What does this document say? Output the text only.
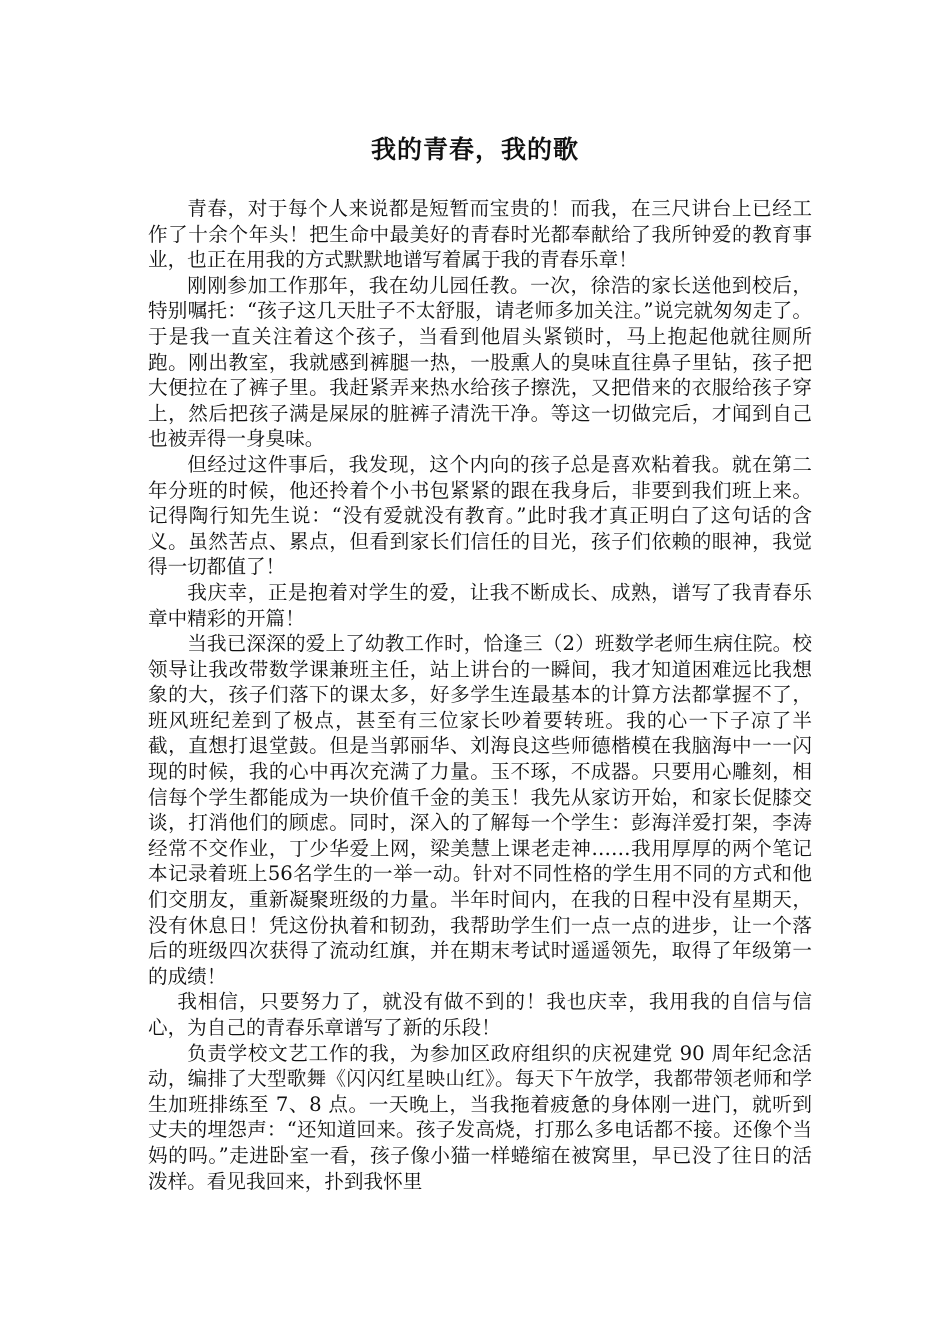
我的青春，我的歌

青春，对于每个人来说都是短暂而宝贵的！而我，在三尺讲台上已经工作了十余个年头！把生命中最美好的青春时光都奉献给了我所钟爱的教育事业，也正在用我的方式默默地谱写着属于我的青春乐章！

刚刚参加工作那年，我在幼儿园任教。一次，徐浩的家长送他到校后，特别嘱托：“孩子这几天肚子不太舒服，请老师多加关注。”说完就匆匆走了。于是我一直关注着这个孩子，当看到他眉头紧锁时，马上抱起他就往厕所跑。刚出教室，我就感到裤腿一热，一股熏人的臭味直往鼻子里钻，孩子把大便拉在了裤子里。我赶紧弄来热水给孩子擦洗，又把借来的衣服给孩子穿上，然后把孩子满是屎尿的脏裤子清洗干净。等这一切做完后，才闻到自己也被弄得一身臭味。

但经过这件事后，我发现，这个内向的孩子总是喜欢粘着我。就在第二年分班的时候，他还拎着个小书包紧紧的跟在我身后，非要到我们班上来。记得陶行知先生说：“没有爱就没有教育。”此时我才真正明白了这句话的含义。虽然苦点、累点，但看到家长们信任的目光，孩子们依赖的眼神，我觉得一切都值了！

我庆幸，正是抱着对学生的爱，让我不断成长、成熟，谱写了我青春乐章中精彩的开篇！

当我已深深的爱上了幼教工作时，恰逢三（2）班数学老师生病住院。校领导让我改带数学课兼班主任，站上讲台的一瞬间，我才知道困难远比我想象的大，孩子们落下的课太多，好多学生连最基本的计算方法都掌握不了，班风班纪差到了极点，甚至有三位家长吵着要转班。我的心一下子凉了半截，直想打退堂鼓。但是当郭丽华、刘海良这些师德楷模在我脑海中一一闪现的时候，我的心中再次充满了力量。玉不琢，不成器。只要用心雕刻，相信每个学生都能成为一块价值千金的美玉！我先从家访开始，和家长促膝交谈，打消他们的顾虑。同时，深入的了解每一个学生：彭海洋爱打架，李涛经常不交作业，丁少华爱上网，梁美慧上课老走神……我用厚厚的两个笔记本记录着班上56名学生的一举一动。针对不同性格的学生用不同的方式和他们交朋友，重新凝聚班级的力量。半年时间内，在我的日程中没有星期天，没有休息日！凭这份执着和韧劲，我帮助学生们一点一点的进步，让一个落后的班级四次获得了流动红旗，并在期末考试时遥遥领先，取得了年级第一的成绩！

我相信，只要努力了，就没有做不到的！我也庆幸，我用我的自信与信心，为自己的青春乐章谱写了新的乐段！

负责学校文艺工作的我，为参加区政府组织的庆祝建党 90 周年纪念活动，编排了大型歌舞《闪闪红星映山红》。每天下午放学，我都带领老师和学生加班排练至 7、8 点。一天晚上，当我拖着疲惫的身体刚一进门，就听到丈夫的埋怨声：“还知道回来。孩子发高烧，打那么多电话都不接。还像个当妈的吗。”走进卧室一看，孩子像小猫一样蜷缩在被窝里，早已没了往日的活泼样。看见我回来，扑到我怀里
